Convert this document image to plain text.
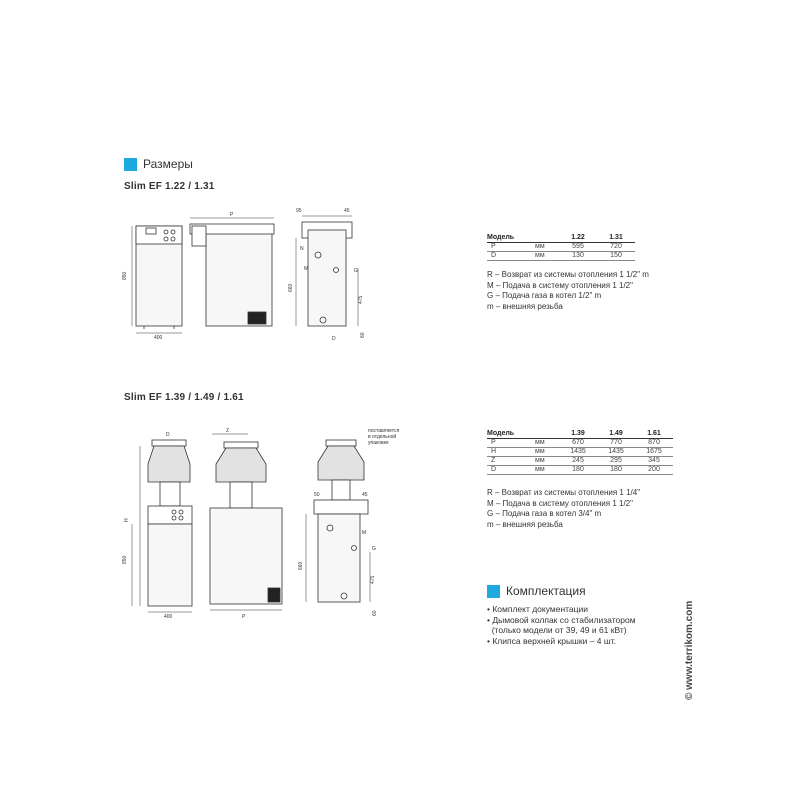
Размеры
Slim EF 1.22 / 1.31
850
400
P
95	45
660
475
N
G
M
60
D
Модель		1.22	1.31
P	мм	595	720
D	мм	130	150
R – Возврат из системы отопления 1 1/2" m
M – Подача в систему отопления 1 1/2"
G – Подача газа в котел 1/2" m
m – внешняя резьба
Slim EF 1.39 / 1.49 / 1.61
D
H
850
400
Z
P
поставляется
в отдельной
упаковке
50	45
660
475
G
M
60
Модель		1.39	1.49	1.61
P	мм	670	770	870
H	мм	1435	1435	1675
Z	мм	245	295	345
D	мм	180	180	200
R – Возврат из системы отопления 1 1/4"
M – Подача в систему отопления 1 1/2"
G – Подача газа в котел 3/4" m
m – внешняя резьба
Комплектация
• Комплект документации
• Дымовой колпак со стабилизатором
(только модели от 39, 49 и 61 кВт)
• Клипса верхней крышки – 4 шт.	© www.terrikom.com
